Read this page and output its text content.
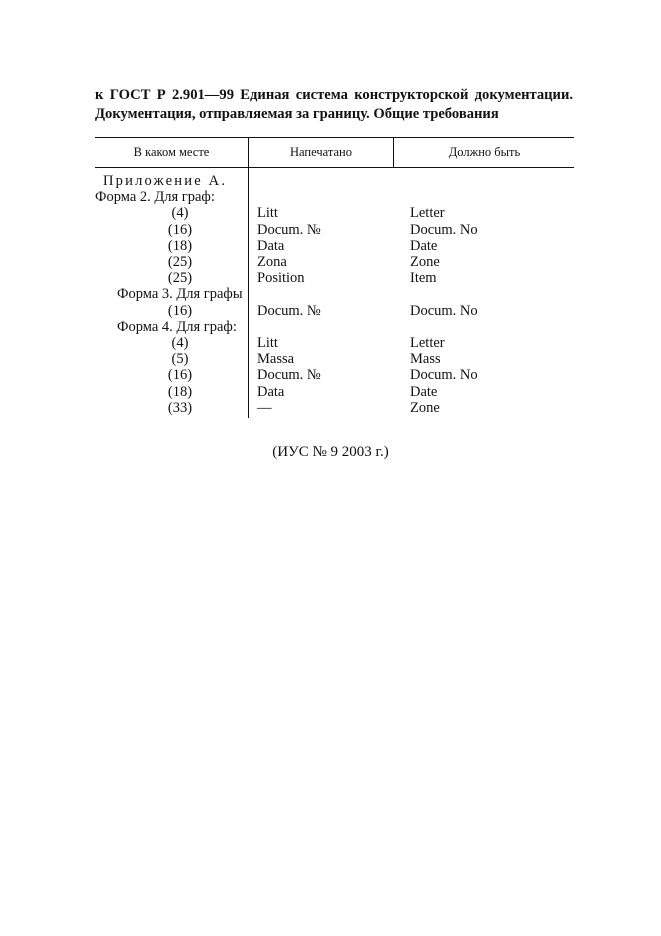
к ГОСТ Р 2.901—99 Единая система конструкторской документации. Документация, отправляемая за границу. Общие требования

В каком месте	Напечатано	Должно быть
Приложение А.
Форма 2. Для граф:
(4)	Litt	Letter
(16)	Docum. №	Docum. No
(18)	Data	Date
(25)	Zona	Zone
(25)	Position	Item
Форма 3. Для графы
(16)	Docum. №	Docum. No
Форма 4. Для граф:
(4)	Litt	Letter
(5)	Massa	Mass
(16)	Docum. №	Docum. No
(18)	Data	Date
(33)	—	Zone
(ИУС № 9 2003 г.)
